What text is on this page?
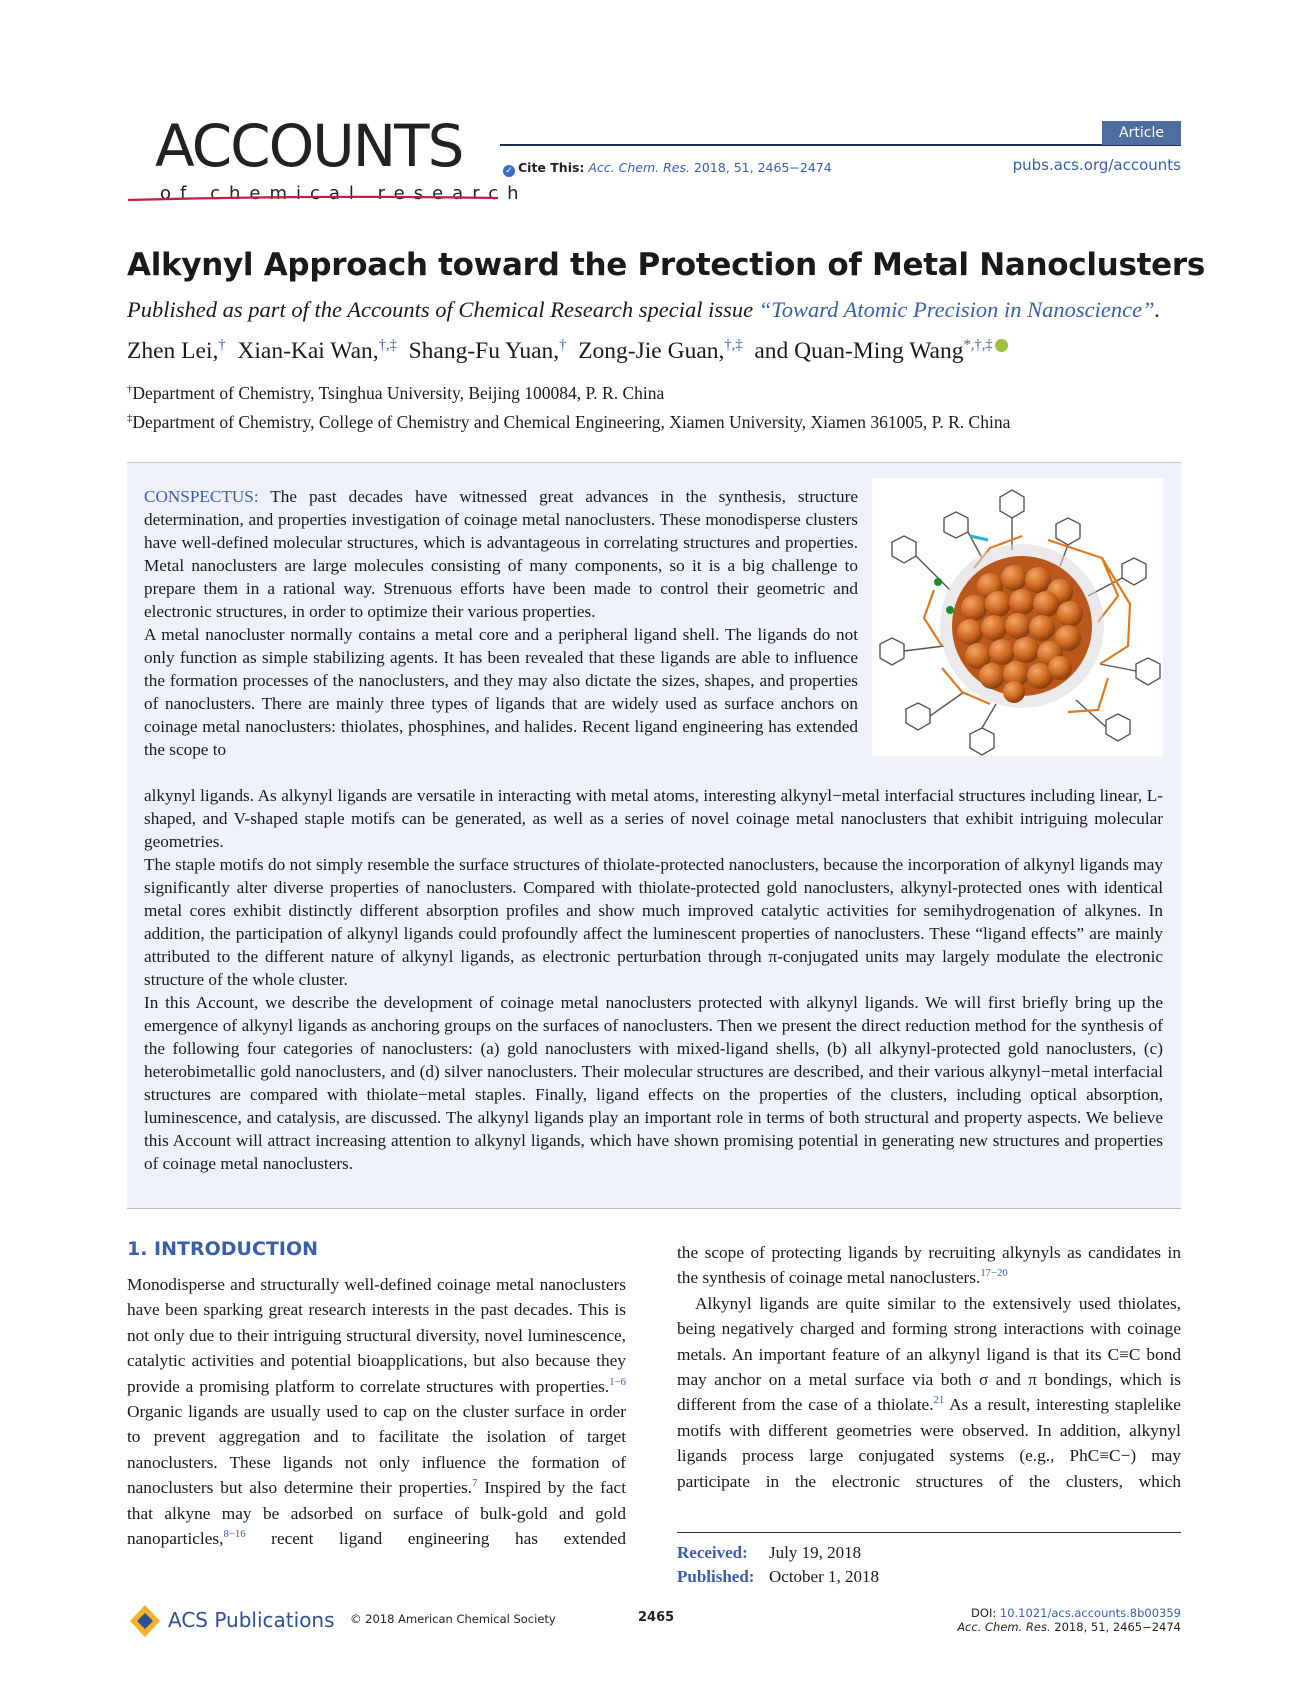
ACCOUNTS
of chemical research
Article
✓ Cite This: Acc. Chem. Res. 2018, 51, 2465−2474	pubs.acs.org/accounts
Alkynyl Approach toward the Protection of Metal Nanoclusters
Published as part of the Accounts of Chemical Research special issue “Toward Atomic Precision in Nanoscience”.
Zhen Lei,† Xian-Kai Wan,†,‡ Shang-Fu Yuan,† Zong-Jie Guan,†,‡ and Quan-Ming Wang*,†,‡
†Department of Chemistry, Tsinghua University, Beijing 100084, P. R. China
‡Department of Chemistry, College of Chemistry and Chemical Engineering, Xiamen University, Xiamen 361005, P. R. China

CONSPECTUS: The past decades have witnessed great advances in the synthesis, structure determination, and properties investigation of coinage metal nanoclusters. These monodisperse clusters have well-defined molecular structures, which is advantageous in correlating structures and properties. Metal nanoclusters are large molecules consisting of many components, so it is a big challenge to prepare them in a rational way. Strenuous efforts have been made to control their geometric and electronic structures, in order to optimize their various properties.

A metal nanocluster normally contains a metal core and a peripheral ligand shell. The ligands do not only function as simple stabilizing agents. It has been revealed that these ligands are able to influence the formation processes of the nanoclusters, and they may also dictate the sizes, shapes, and properties of nanoclusters. There are mainly three types of ligands that are widely used as surface anchors on coinage metal nanoclusters: thiolates, phosphines, and halides. Recent ligand engineering has extended the scope to

alkynyl ligands. As alkynyl ligands are versatile in interacting with metal atoms, interesting alkynyl−metal interfacial structures including linear, L-shaped, and V-shaped staple motifs can be generated, as well as a series of novel coinage metal nanoclusters that exhibit intriguing molecular geometries.

The staple motifs do not simply resemble the surface structures of thiolate-protected nanoclusters, because the incorporation of alkynyl ligands may significantly alter diverse properties of nanoclusters. Compared with thiolate-protected gold nanoclusters, alkynyl-protected ones with identical metal cores exhibit distinctly different absorption profiles and show much improved catalytic activities for semihydrogenation of alkynes. In addition, the participation of alkynyl ligands could profoundly affect the luminescent properties of nanoclusters. These “ligand effects” are mainly attributed to the different nature of alkynyl ligands, as electronic perturbation through π-conjugated units may largely modulate the electronic structure of the whole cluster.

In this Account, we describe the development of coinage metal nanoclusters protected with alkynyl ligands. We will first briefly bring up the emergence of alkynyl ligands as anchoring groups on the surfaces of nanoclusters. Then we present the direct reduction method for the synthesis of the following four categories of nanoclusters: (a) gold nanoclusters with mixed-ligand shells, (b) all alkynyl-protected gold nanoclusters, (c) heterobimetallic gold nanoclusters, and (d) silver nanoclusters. Their molecular structures are described, and their various alkynyl−metal interfacial structures are compared with thiolate−metal staples. Finally, ligand effects on the properties of the clusters, including optical absorption, luminescence, and catalysis, are discussed. The alkynyl ligands play an important role in terms of both structural and property aspects. We believe this Account will attract increasing attention to alkynyl ligands, which have shown promising potential in generating new structures and properties of coinage metal nanoclusters.

1. INTRODUCTION

Monodisperse and structurally well-defined coinage metal nanoclusters have been sparking great research interests in the past decades. This is not only due to their intriguing structural diversity, novel luminescence, catalytic activities and potential bioapplications, but also because they provide a promising platform to correlate structures with properties.$^{1-6}$ Organic ligands are usually used to cap on the cluster surface in order to prevent aggregation and to facilitate the isolation of target nanoclusters. These ligands not only influence the formation of nanoclusters but also determine their properties.$^7$ Inspired by the fact that alkyne may be adsorbed on surface of bulk-gold and gold nanoparticles,$^{8-16}$ recent ligand engineering has extended

the scope of protecting ligands by recruiting alkynyls as candidates in the synthesis of coinage metal nanoclusters.$^{17-20}$

Alkynyl ligands are quite similar to the extensively used thiolates, being negatively charged and forming strong interactions with coinage metals. An important feature of an alkynyl ligand is that its C≡C bond may anchor on a metal surface via both σ and π bondings, which is different from the case of a thiolate.$^{21}$ As a result, interesting staplelike motifs with different geometries were observed. In addition, alkynyl ligands process large conjugated systems (e.g., PhC≡C−) may participate in the electronic structures of the clusters, which

Received: July 19, 2018
Published: October 1, 2018
ACS Publications © 2018 American Chemical Society	2465	DOI: 10.1021/acs.accounts.8b00359
Acc. Chem. Res. 2018, 51, 2465−2474
